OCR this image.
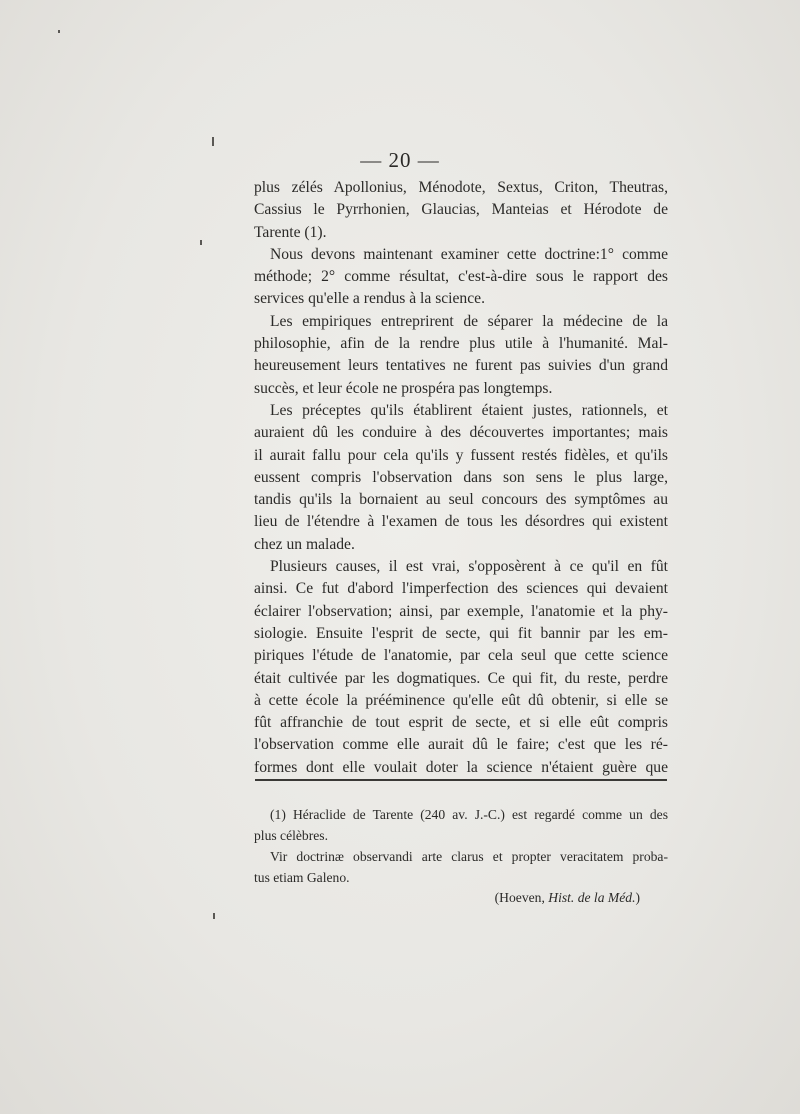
— 20 —
plus zélés Apollonius, Ménodote, Sextus, Criton, Theutras,
Cassius le Pyrrhonien, Glaucias, Manteias et Hérodote de
Tarente (1).
Nous devons maintenant examiner cette doctrine:1° comme
méthode; 2° comme résultat, c'est-à-dire sous le rapport des
services qu'elle a rendus à la science.
Les empiriques entreprirent de séparer la médecine de la
philosophie, afin de la rendre plus utile à l'humanité. Mal-
heureusement leurs tentatives ne furent pas suivies d'un grand
succès, et leur école ne prospéra pas longtemps.
Les préceptes qu'ils établirent étaient justes, rationnels, et
auraient dû les conduire à des découvertes importantes; mais
il aurait fallu pour cela qu'ils y fussent restés fidèles, et qu'ils
eussent compris l'observation dans son sens le plus large,
tandis qu'ils la bornaient au seul concours des symptômes au
lieu de l'étendre à l'examen de tous les désordres qui existent
chez un malade.
Plusieurs causes, il est vrai, s'opposèrent à ce qu'il en fût
ainsi. Ce fut d'abord l'imperfection des sciences qui devaient
éclairer l'observation; ainsi, par exemple, l'anatomie et la phy-
siologie. Ensuite l'esprit de secte, qui fit bannir par les em-
piriques l'étude de l'anatomie, par cela seul que cette science
était cultivée par les dogmatiques. Ce qui fit, du reste, perdre
à cette école la prééminence qu'elle eût dû obtenir, si elle se
fût affranchie de tout esprit de secte, et si elle eût compris
l'observation comme elle aurait dû le faire; c'est que les ré-
formes dont elle voulait doter la science n'étaient guère que
(1) Héraclide de Tarente (240 av. J.-C.) est regardé comme un des
plus célèbres.
Vir doctrinæ observandi arte clarus et propter veracitatem proba-
tus etiam Galeno.
(Hoeven, Hist. de la Méd.)
